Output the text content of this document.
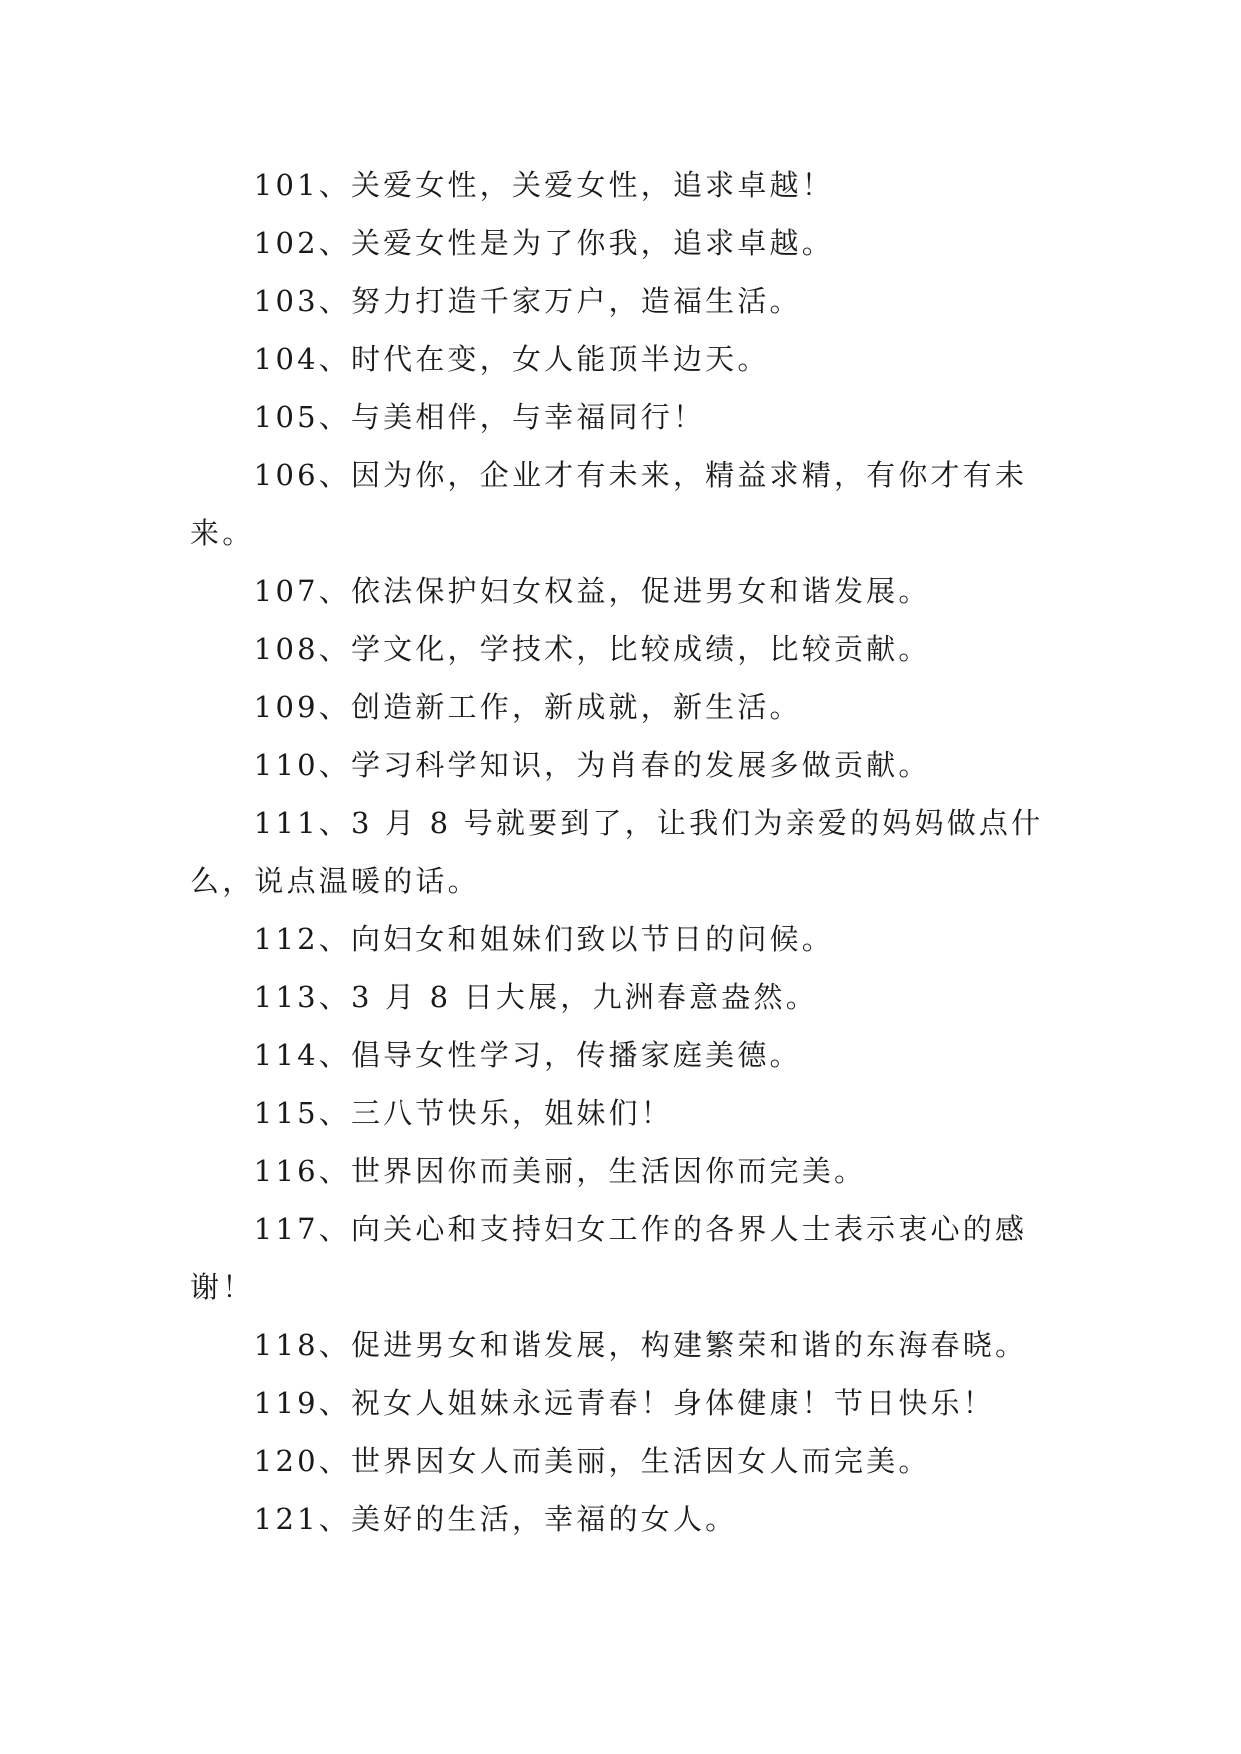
101、关爱女性，关爱女性，追求卓越！

102、关爱女性是为了你我，追求卓越。

103、努力打造千家万户，造福生活。

104、时代在变，女人能顶半边天。

105、与美相伴，与幸福同行！

106、因为你，企业才有未来，精益求精，有你才有未来。

107、依法保护妇女权益，促进男女和谐发展。

108、学文化，学技术，比较成绩，比较贡献。

109、创造新工作，新成就，新生活。

110、学习科学知识，为肖春的发展多做贡献。

111、3 月 8 号就要到了，让我们为亲爱的妈妈做点什么，说点温暖的话。

112、向妇女和姐妹们致以节日的问候。

113、3 月 8 日大展，九洲春意盎然。

114、倡导女性学习，传播家庭美德。

115、三八节快乐，姐妹们！

116、世界因你而美丽，生活因你而完美。

117、向关心和支持妇女工作的各界人士表示衷心的感谢！

118、促进男女和谐发展，构建繁荣和谐的东海春晓。

119、祝女人姐妹永远青春！身体健康！节日快乐！

120、世界因女人而美丽，生活因女人而完美。

121、美好的生活，幸福的女人。
